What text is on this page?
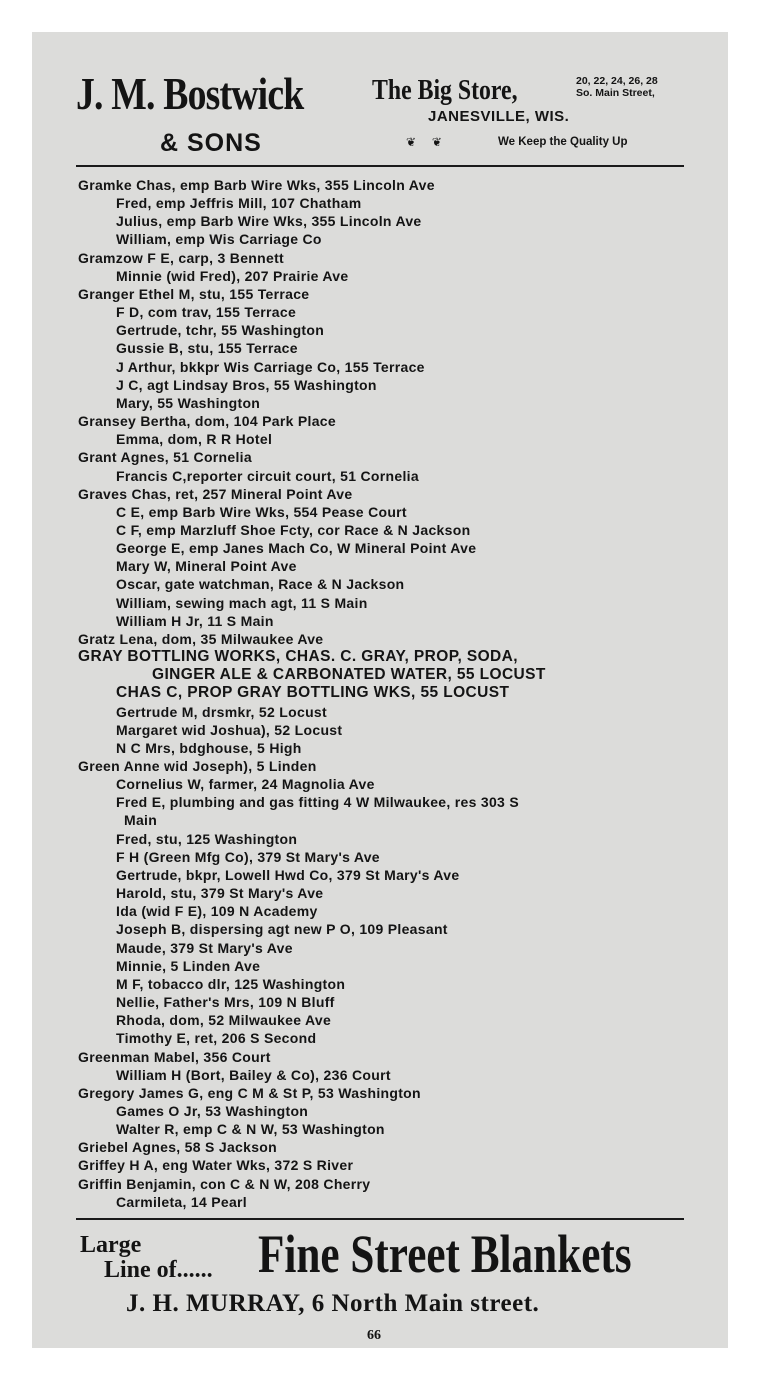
J. M. Bostwick
& SONS
The Big Store,	20, 22, 24, 26, 28
So. Main Street,
JANESVILLE, WIS.
❦ ❦	We Keep the Quality Up
Gramke Chas, emp Barb Wire Wks, 355 Lincoln Ave
Fred, emp Jeffris Mill, 107 Chatham
Julius, emp Barb Wire Wks, 355 Lincoln Ave
William, emp Wis Carriage Co
Gramzow F E, carp, 3 Bennett
Minnie (wid Fred), 207 Prairie Ave
Granger Ethel M, stu, 155 Terrace
F D, com trav, 155 Terrace
Gertrude, tchr, 55 Washington
Gussie B, stu, 155 Terrace
J Arthur, bkkpr Wis Carriage Co, 155 Terrace
J C, agt Lindsay Bros, 55 Washington
Mary, 55 Washington
Gransey Bertha, dom, 104 Park Place
Emma, dom, R R Hotel
Grant Agnes, 51 Cornelia
Francis C,reporter circuit court, 51 Cornelia
Graves Chas, ret, 257 Mineral Point Ave
C E, emp Barb Wire Wks, 554 Pease Court
C F, emp Marzluff Shoe Fcty, cor Race & N Jackson
George E, emp Janes Mach Co, W Mineral Point Ave
Mary W, Mineral Point Ave
Oscar, gate watchman, Race & N Jackson
William, sewing mach agt, 11 S Main
William H Jr, 11 S Main
Gratz Lena, dom, 35 Milwaukee Ave
GRAY BOTTLING WORKS, CHAS. C. GRAY, PROP, SODA,
GINGER ALE & CARBONATED WATER, 55 LOCUST
CHAS C, PROP GRAY BOTTLING WKS, 55 LOCUST
Gertrude M, drsmkr, 52 Locust
Margaret wid Joshua), 52 Locust
N C Mrs, bdghouse, 5 High
Green Anne wid Joseph), 5 Linden
Cornelius W, farmer, 24 Magnolia Ave
Fred E, plumbing and gas fitting 4 W Milwaukee, res 303 S
Main
Fred, stu, 125 Washington
F H (Green Mfg Co), 379 St Mary's Ave
Gertrude, bkpr, Lowell Hwd Co, 379 St Mary's Ave
Harold, stu, 379 St Mary's Ave
Ida (wid F E), 109 N Academy
Joseph B, dispersing agt new P O, 109 Pleasant
Maude, 379 St Mary's Ave
Minnie, 5 Linden Ave
M F, tobacco dlr, 125 Washington
Nellie, Father's Mrs, 109 N Bluff
Rhoda, dom, 52 Milwaukee Ave
Timothy E, ret, 206 S Second
Greenman Mabel, 356 Court
William H (Bort, Bailey & Co), 236 Court
Gregory James G, eng C M & St P, 53 Washington
Games O Jr, 53 Washington
Walter R, emp C & N W, 53 Washington
Griebel Agnes, 58 S Jackson
Griffey H A, eng Water Wks, 372 S River
Griffin Benjamin, con C & N W, 208 Cherry
Carmileta, 14 Pearl
Large
Line of...... Fine Street Blankets
J. H. MURRAY, 6 North Main street.
66
